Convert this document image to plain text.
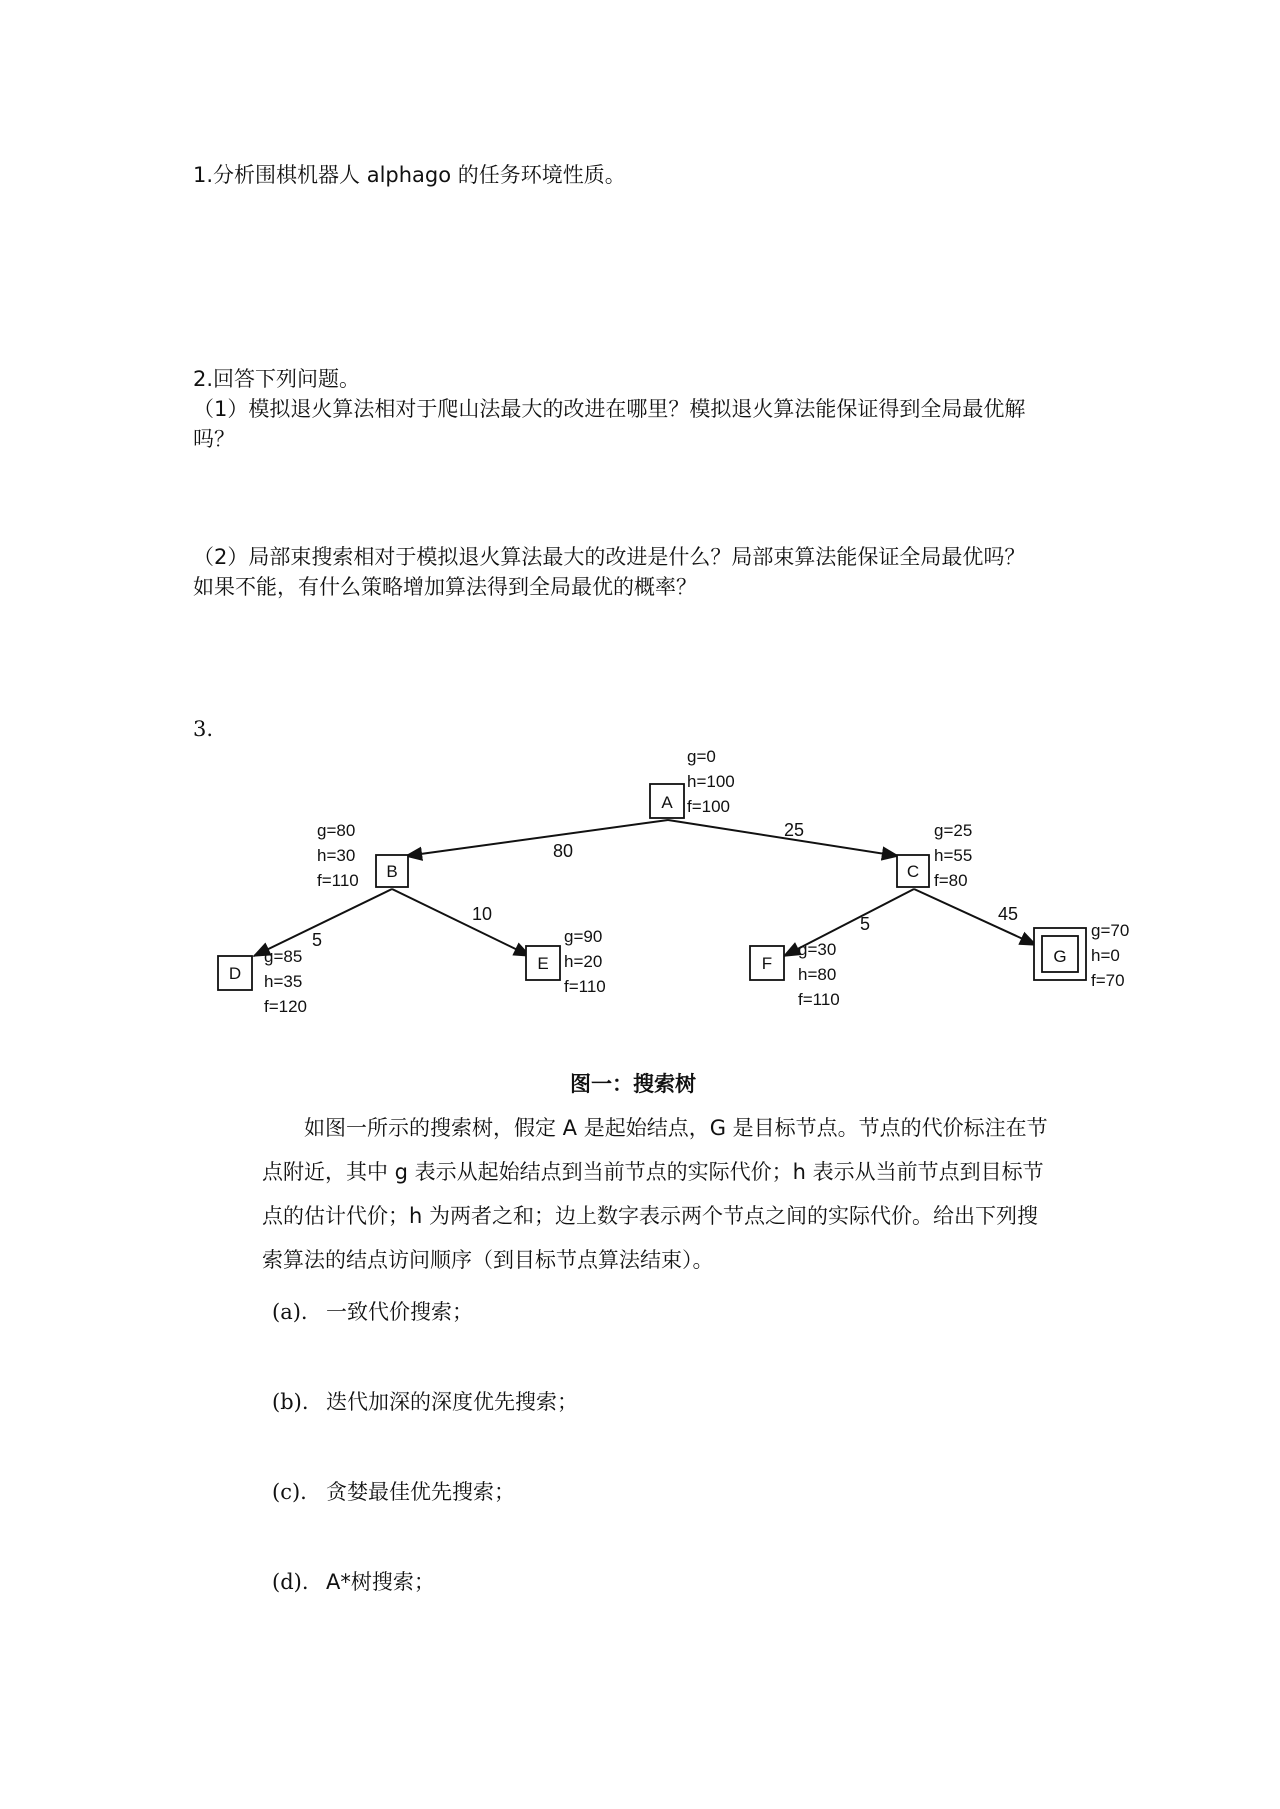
1.分析围棋机器人 alphago 的任务环境性质。
2.回答下列问题。
（1）模拟退火算法相对于爬山法最大的改进在哪里？模拟退火算法能保证得到全局最优解
吗？
（2）局部束搜索相对于模拟退火算法最大的改进是什么？局部束算法能保证全局最优吗？
如果不能，有什么策略增加算法得到全局最优的概率？
3.
80
25
5
10	5	45
A
B	C
D
E	F	G
g=0
h=100
f=100
g=80
h=30
f=110
g=25
h=55
f=80
g=85
h=35
f=120
g=90
h=20
f=110
g=30
h=80
f=110
g=70
h=0
f=70
图一：搜索树

如图一所示的搜索树，假定 A 是起始结点，G 是目标节点。节点的代价标注在节

点附近，其中 g 表示从起始结点到当前节点的实际代价；h 表示从当前节点到目标节

点的估计代价；h 为两者之和；边上数字表示两个节点之间的实际代价。给出下列搜

索算法的结点访问顺序（到目标节点算法结束）。

(a). 一致代价搜索；
(b). 迭代加深的深度优先搜索；
(c). 贪婪最佳优先搜索；
(d). A*树搜索；
